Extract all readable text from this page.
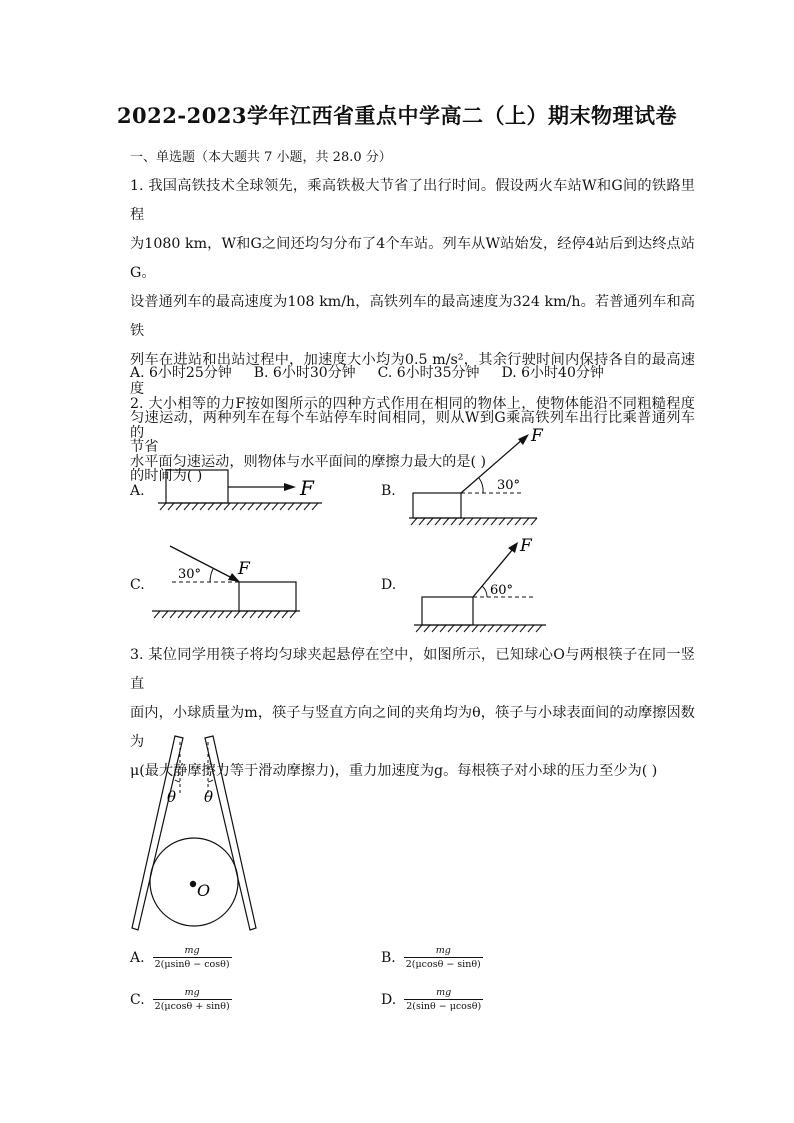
2022-2023学年江西省重点中学高二（上）期末物理试卷
一、单选题（本大题共 7 小题，共 28.0 分）
1. 我国高铁技术全球领先，乘高铁极大节省了出行时间。假设两火车站W和G间的铁路里程
为1080 km，W和G之间还均匀分布了4个车站。列车从W站始发，经停4站后到达终点站G。
设普通列车的最高速度为108 km/h，高铁列车的最高速度为324 km/h。若普通列车和高铁
列车在进站和出站过程中，加速度大小均为0.5 m/s²，其余行驶时间内保持各自的最高速度
匀速运动，两种列车在每个车站停车时间相同，则从W到G乘高铁列车出行比乘普通列车节省
的时间为( )
A. 6小时25分钟 B. 6小时30分钟 C. 6小时35分钟 D. 6小时40分钟
2. 大小相等的力F按如图所示的四种方式作用在相同的物体上，使物体能沿不同粗糙程度的
水平面匀速运动，则物体与水平面间的摩擦力最大的是( )
A.	F	B.	30°
F
C.
30° F
D.	60°
F
3. 某位同学用筷子将均匀球夹起悬停在空中，如图所示，已知球心O与两根筷子在同一竖直
面内，小球质量为m，筷子与竖直方向之间的夹角均为θ，筷子与小球表面间的动摩擦因数为
μ(最大静摩擦力等于滑动摩擦力)，重力加速度为g。每根筷子对小球的压力至少为( )
θ θ
O
A. $\frac{mg}{2(\mu\sin\theta - \cos\theta)}$	B. $\frac{mg}{2(\mu\cos\theta - \sin\theta)}$
C. $\frac{mg}{2(\mu\cos\theta + \sin\theta)}$	D. $\frac{mg}{2(\sin\theta - \mu\cos\theta)}$
